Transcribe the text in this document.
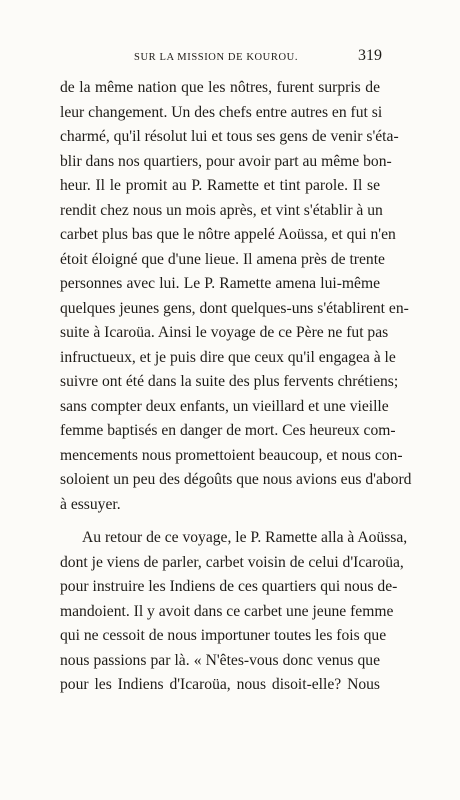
SUR LA MISSION DE KOUROU.	319
de la même nation que les nôtres, furent surpris de
leur changement. Un des chefs entre autres en fut si
charmé, qu'il résolut lui et tous ses gens de venir s'éta-
blir dans nos quartiers, pour avoir part au même bon-
heur. Il le promit au P. Ramette et tint parole. Il se
rendit chez nous un mois après, et vint s'établir à un
carbet plus bas que le nôtre appelé Aoüssa, et qui n'en
étoit éloigné que d'une lieue. Il amena près de trente
personnes avec lui. Le P. Ramette amena lui-même
quelques jeunes gens, dont quelques-uns s'établirent en-
suite à Icaroüa. Ainsi le voyage de ce Père ne fut pas
infructueux, et je puis dire que ceux qu'il engagea à le
suivre ont été dans la suite des plus fervents chrétiens;
sans compter deux enfants, un vieillard et une vieille
femme baptisés en danger de mort. Ces heureux com-
mencements nous promettoient beaucoup, et nous con-
soloient un peu des dégoûts que nous avions eus d'abord
à essuyer.
Au retour de ce voyage, le P. Ramette alla à Aoüssa,
dont je viens de parler, carbet voisin de celui d'Icaroüa,
pour instruire les Indiens de ces quartiers qui nous de-
mandoient. Il y avoit dans ce carbet une jeune femme
qui ne cessoit de nous importuner toutes les fois que
nous passions par là. « N'êtes-vous donc venus que
pour les Indiens d'Icaroüa, nous disoit-elle? Nous
